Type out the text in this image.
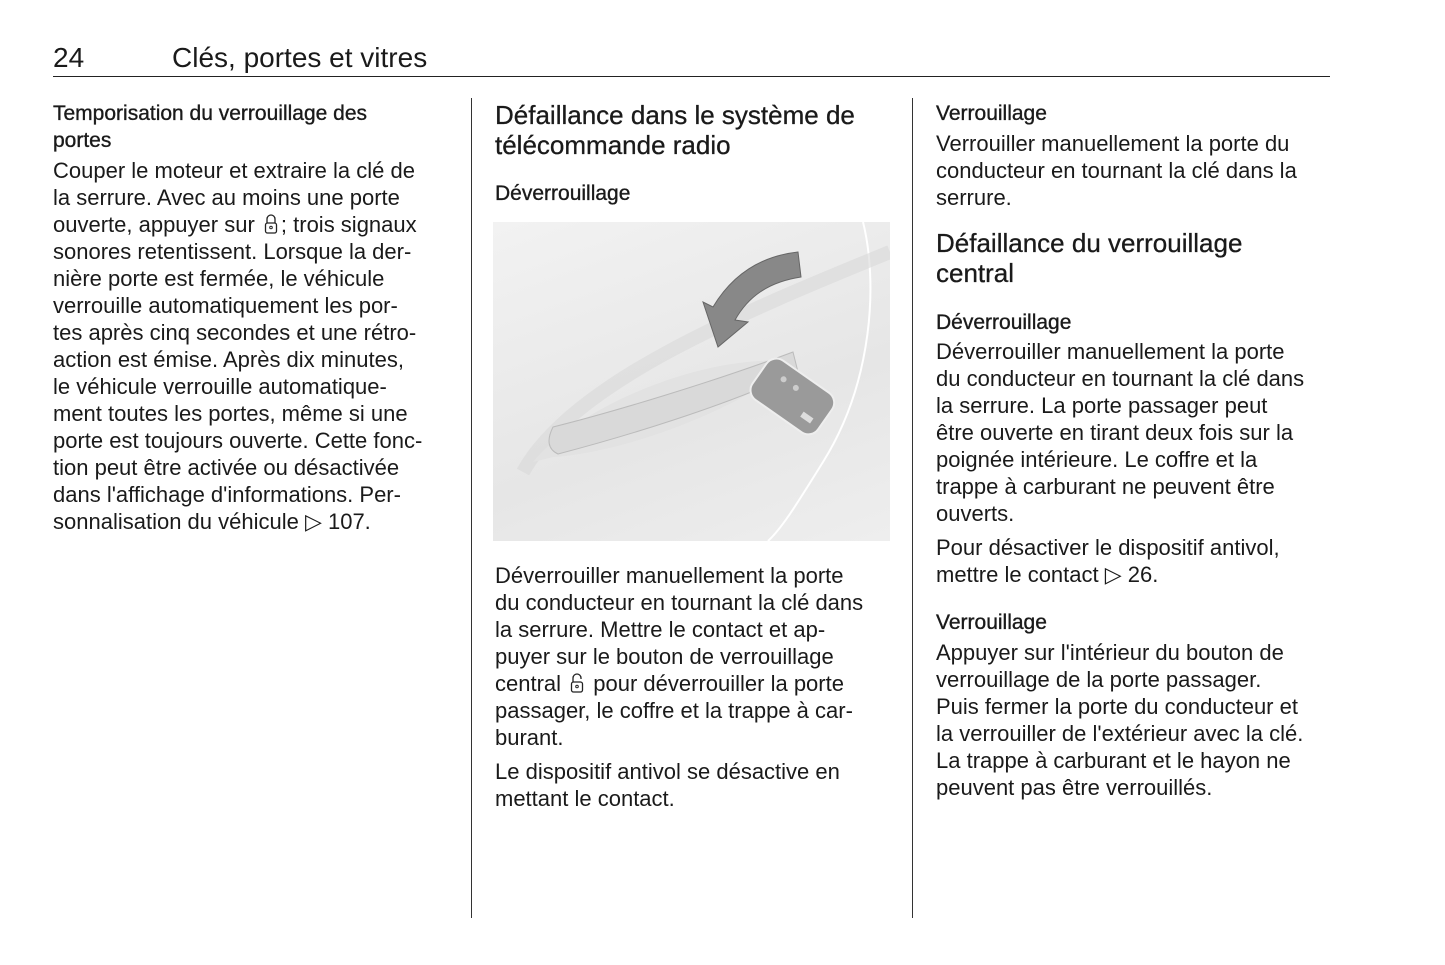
24	Clés, portes et vitres
Temporisation du verrouillage des
portes
Couper le moteur et extraire la clé de
la serrure. Avec au moins une porte
ouverte, appuyer sur
; trois signaux
sonores retentissent. Lorsque la der-
nière porte est fermée, le véhicule
verrouille automatiquement les por-
tes après cinq secondes et une rétro-
action est émise. Après dix minutes,
le véhicule verrouille automatique-
ment toutes les portes, même si une
porte est toujours ouverte. Cette fonc-
tion peut être activée ou désactivée
dans l'affichage d'informations. Per-
sonnalisation du véhicule ▷ 107.
Défaillance dans le système de
télécommande radio
Déverrouillage
Déverrouiller manuellement la porte
du conducteur en tournant la clé dans
la serrure. Mettre le contact et ap-
puyer sur le bouton de verrouillage
central
pour déverrouiller la porte
passager, le coffre et la trappe à car-
burant.
Le dispositif antivol se désactive en
mettant le contact.
Verrouillage
Verrouiller manuellement la porte du
conducteur en tournant la clé dans la
serrure.
Défaillance du verrouillage
central
Déverrouillage
Déverrouiller manuellement la porte
du conducteur en tournant la clé dans
la serrure. La porte passager peut
être ouverte en tirant deux fois sur la
poignée intérieure. Le coffre et la
trappe à carburant ne peuvent être
ouverts.
Pour désactiver le dispositif antivol,
mettre le contact ▷ 26.
Verrouillage
Appuyer sur l'intérieur du bouton de
verrouillage de la porte passager.
Puis fermer la porte du conducteur et
la verrouiller de l'extérieur avec la clé.
La trappe à carburant et le hayon ne
peuvent pas être verrouillés.
